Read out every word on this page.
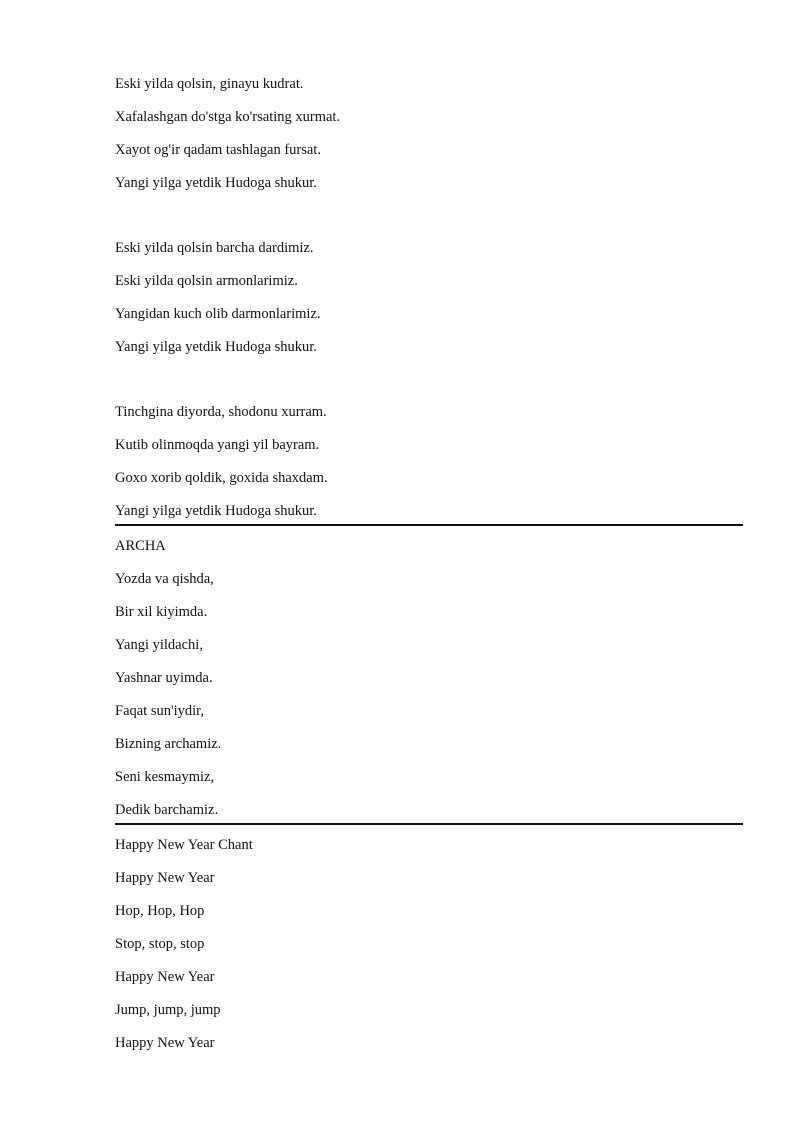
Eski yilda qolsin, ginayu kudrat.
Xafalashgan do'stga ko'rsating xurmat.
Xayot og'ir qadam tashlagan fursat.
Yangi yilga yetdik Hudoga shukur.
Eski yilda qolsin barcha dardimiz.
Eski yilda qolsin armonlarimiz.
Yangidan kuch olib darmonlarimiz.
Yangi yilga yetdik Hudoga shukur.
Tinchgina diyorda, shodonu xurram.
Kutib olinmoqda yangi yil bayram.
Goxo xorib qoldik, goxida shaxdam.
Yangi yilga yetdik Hudoga shukur.
ARCHA
Yozda va qishda,
Bir xil kiyimda.
Yangi yildachi,
Yashnar uyimda.
Faqat sun'iydir,
Bizning archamiz.
Seni kesmaymiz,
Dedik barchamiz.
Happy New Year Chant
Happy New Year
Hop, Hop, Hop
Stop, stop, stop
Happy New Year
Jump, jump, jump
Happy New Year
